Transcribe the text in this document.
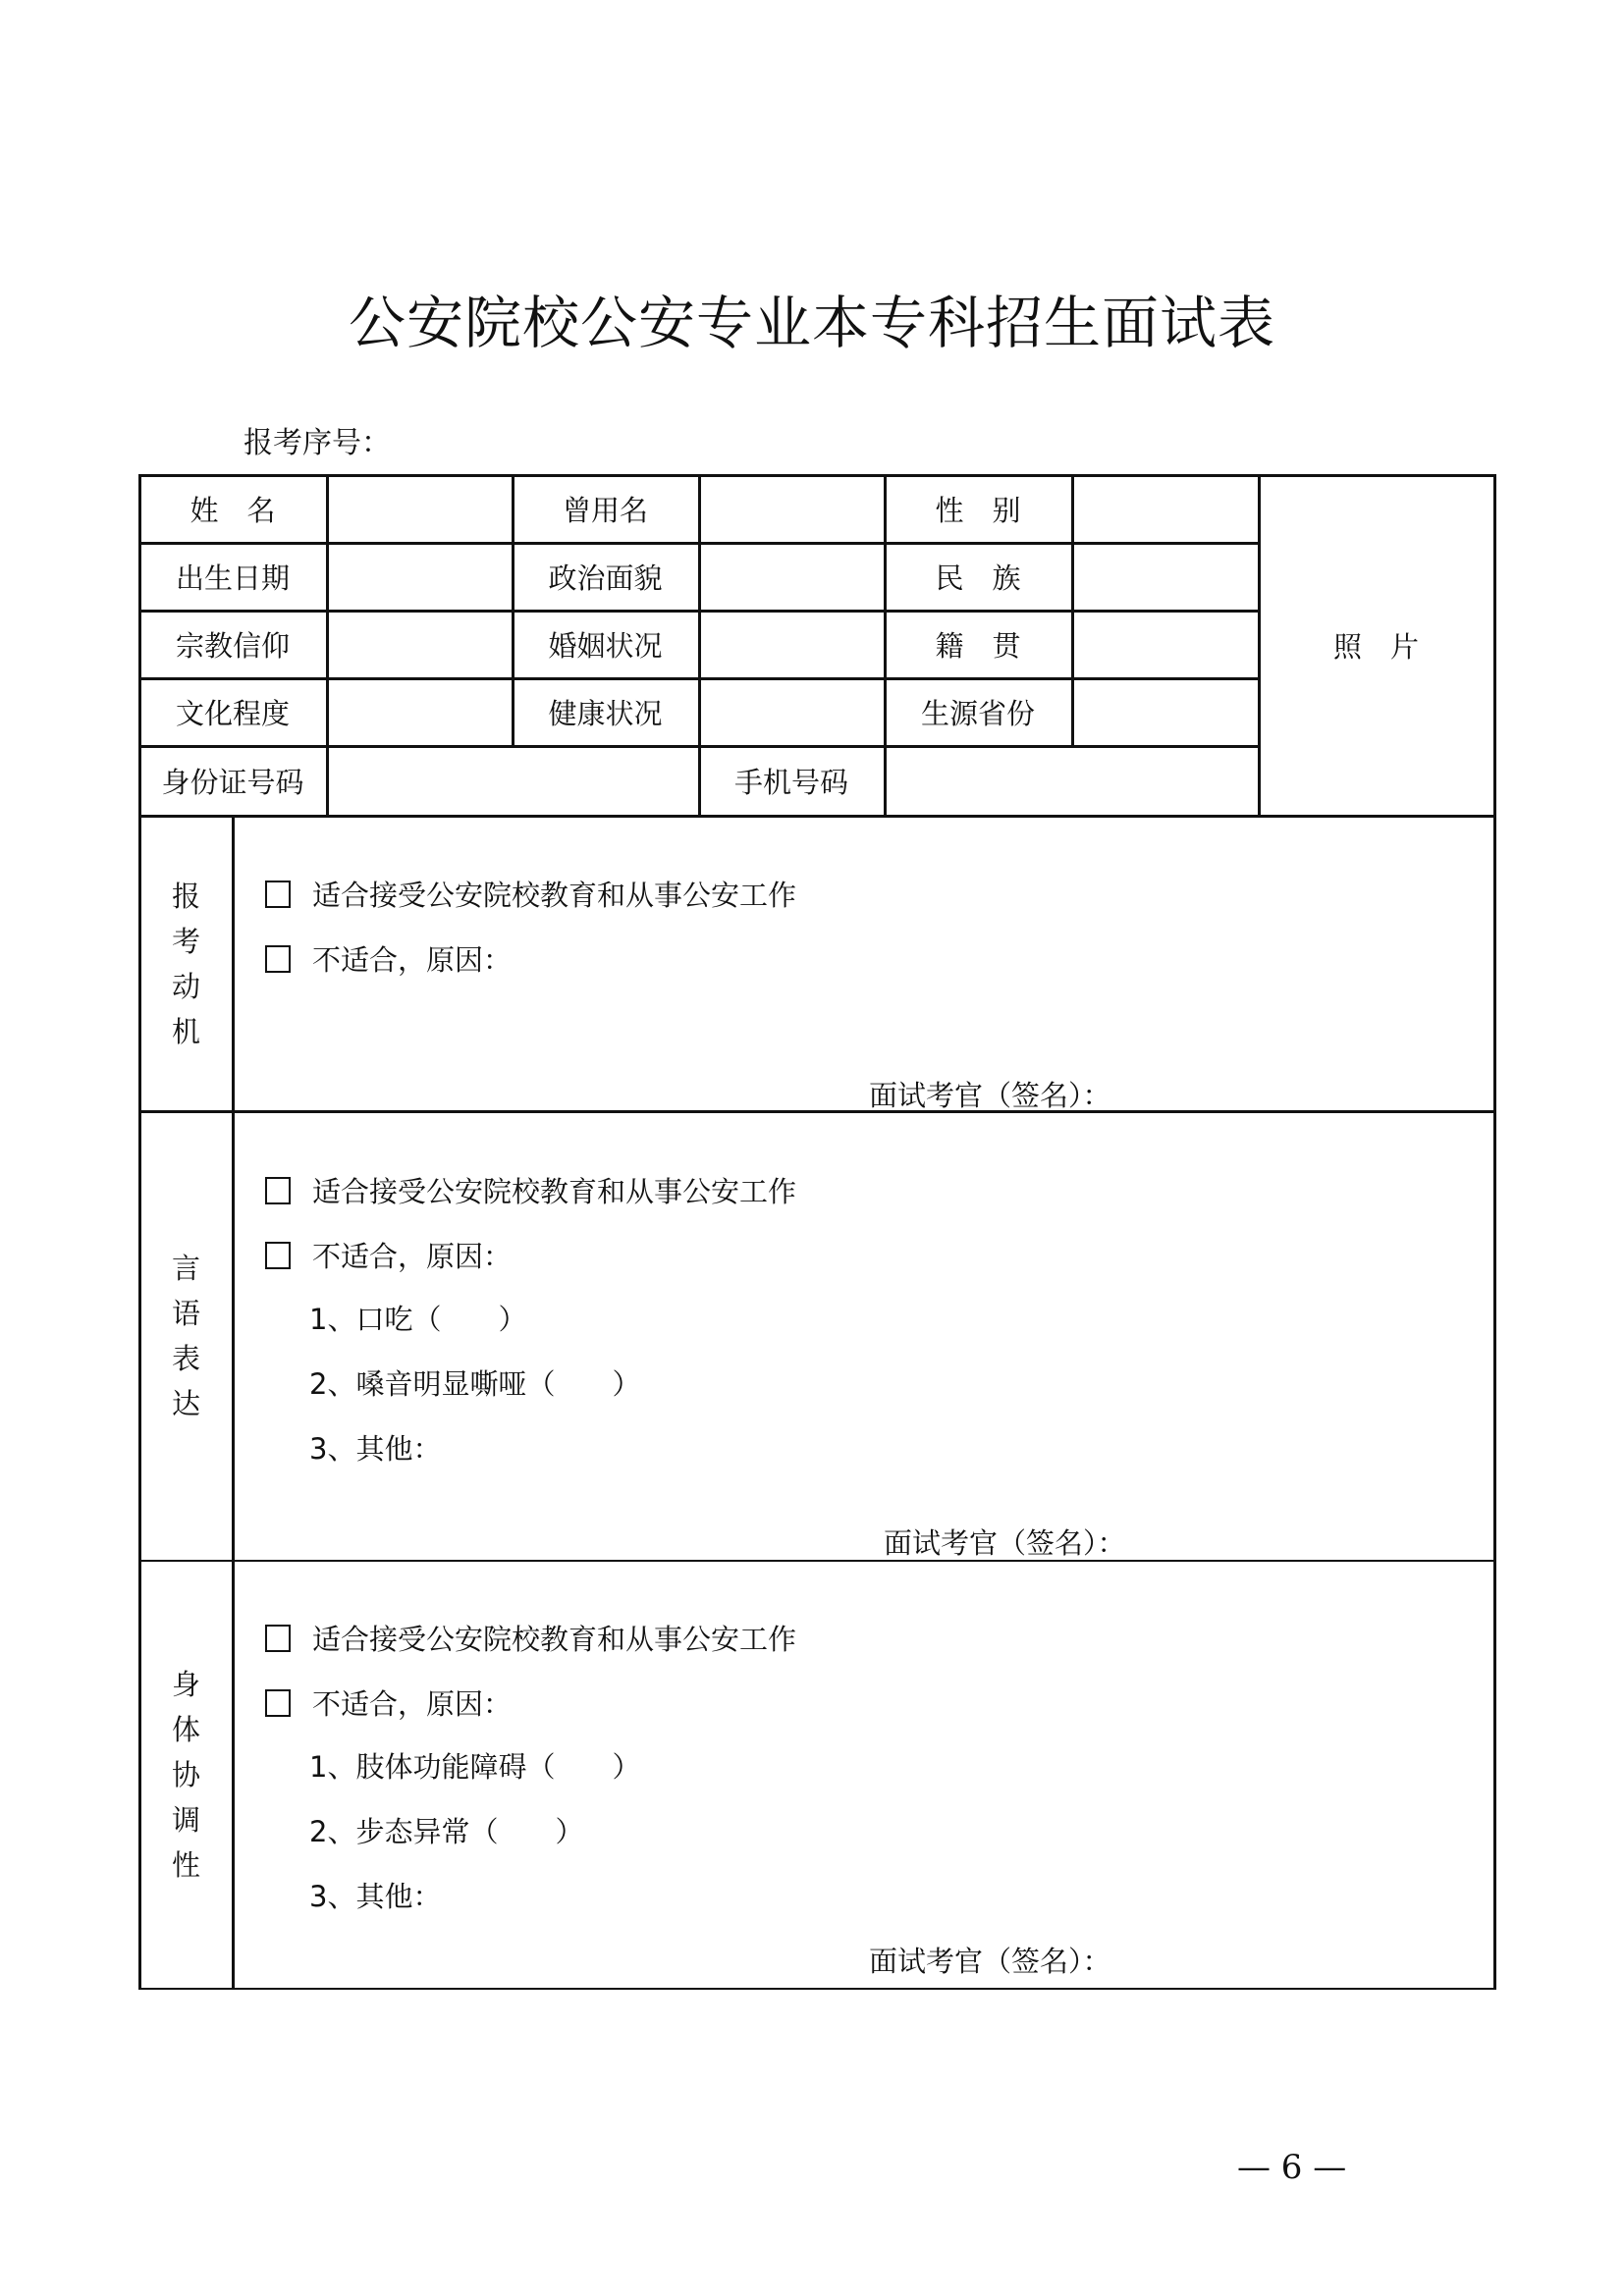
公安院校公安专业本专科招生面试表
报考序号：
姓　名	曾用名	性　别
出生日期	政治面貌	民　族
宗教信仰	婚姻状况	籍　贯
文化程度	健康状况	生源省份
身份证号码	手机号码
照　片
报
考
动
机
适合接受公安院校教育和从事公安工作
不适合，原因：
面试考官（签名）：
言
语
表
达
适合接受公安院校教育和从事公安工作
不适合，原因：
1、口吃（　　）
2、嗓音明显嘶哑（　　）
3、其他：
面试考官（签名）：
身
体
协
调
性
适合接受公安院校教育和从事公安工作
不适合，原因：
1、肢体功能障碍（　　）
2、步态异常（　　）
3、其他：
面试考官（签名）：
— 6 —
